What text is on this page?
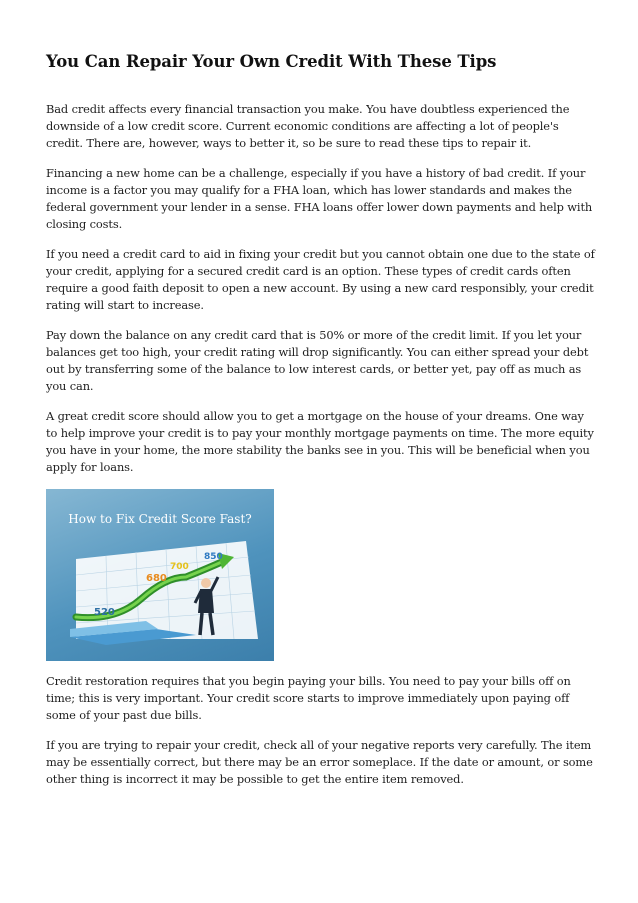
You Can Repair Your Own Credit With These Tips

Bad credit affects every financial transaction you make. You have doubtless experienced the downside of a low credit score. Current economic conditions are affecting a lot of people's credit. There are, however, ways to better it, so be sure to read these tips to repair it.

Financing a new home can be a challenge, especially if you have a history of bad credit. If your income is a factor you may qualify for a FHA loan, which has lower standards and makes the federal government your lender in a sense. FHA loans offer lower down payments and help with closing costs.

If you need a credit card to aid in fixing your credit but you cannot obtain one due to the state of your credit, applying for a secured credit card is an option. These types of credit cards often require a good faith deposit to open a new account. By using a new card responsibly, your credit rating will start to increase.

Pay down the balance on any credit card that is 50% or more of the credit limit. If you let your balances get too high, your credit rating will drop significantly. You can either spread your debt out by transferring some of the balance to low interest cards, or better yet, pay off as much as you can.

A great credit score should allow you to get a mortgage on the house of your dreams. One way to help improve your credit is to pay your monthly mortgage payments on time. The more equity you have in your home, the more stability the banks see in you. This will be beneficial when you apply for loans.

How to Fix Credit Score Fast?
520
680
700
850

Credit restoration requires that you begin paying your bills. You need to pay your bills off on time; this is very important. Your credit score starts to improve immediately upon paying off some of your past due bills.

If you are trying to repair your credit, check all of your negative reports very carefully. The item may be essentially correct, but there may be an error someplace. If the date or amount, or some other thing is incorrect it may be possible to get the entire item removed.
